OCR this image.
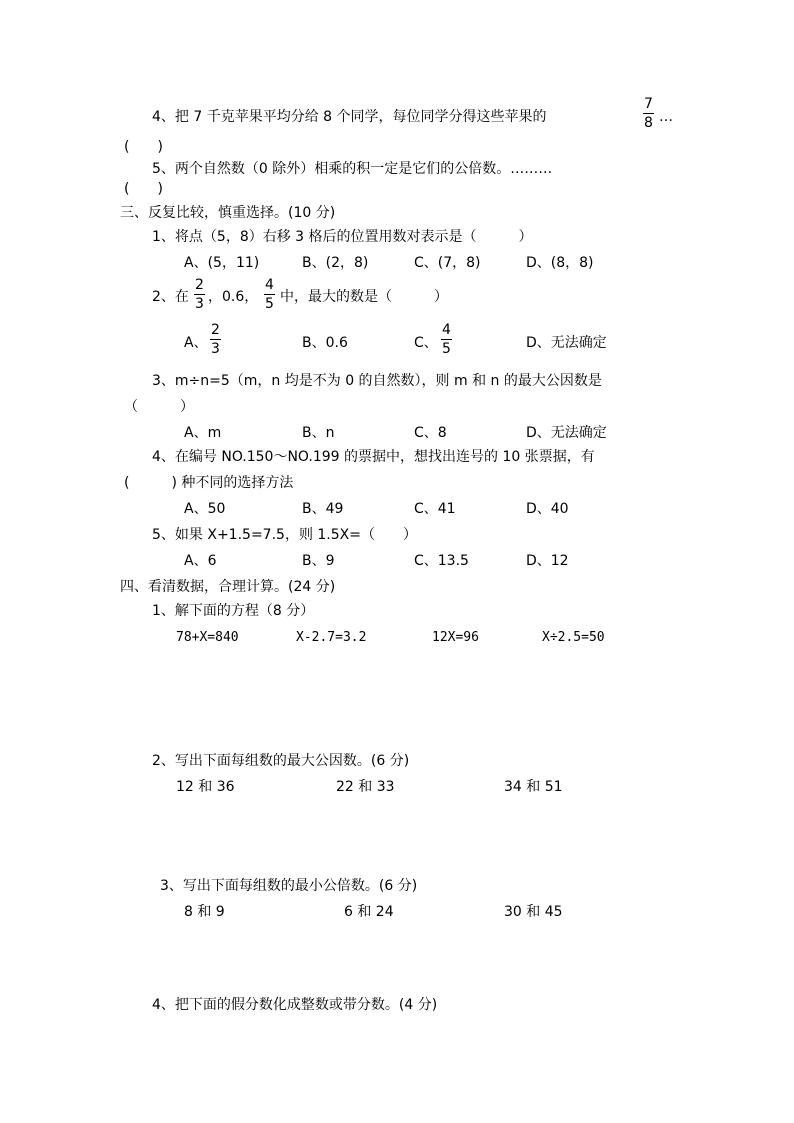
4、把 7 千克苹果平均分给 8 个同学，每位同学分得这些苹果的
7
8 …
(　　)
5、两个自然数（0 除外）相乘的积一定是它们的公倍数。………
(　　)
三、反复比较，慎重选择。(10 分)
1、将点（5，8）右移 3 格后的位置用数对表示是（　　　）
A、(5，11)	B、(2，8)	C、(7，8)	D、(8，8)
2、在
2
3 ，0.6，
4
5 中，最大的数是（　　　）
A、
2
3	B、0.6	C、
4
5	D、无法确定
3、m÷n=5（m，n 均是不为 0 的自然数），则 m 和 n 的最大公因数是
（　　　）
A、m	B、n	C、8	D、无法确定
4、在编号 NO.150～NO.199 的票据中，想找出连号的 10 张票据，有
(　　　) 种不同的选择方法
A、50	B、49	C、41	D、40
5、如果 X+1.5=7.5，则 1.5X=（　　）
A、6	B、9	C、13.5	D、12
四、看清数据，合理计算。(24 分)
1、解下面的方程（8 分）
78+X=840	X-2.7=3.2	12X=96	X÷2.5=50
2、写出下面每组数的最大公因数。(6 分)
12 和 36	22 和 33	34 和 51
3、写出下面每组数的最小公倍数。(6 分)
8 和 9	6 和 24	30 和 45
4、把下面的假分数化成整数或带分数。(4 分)
